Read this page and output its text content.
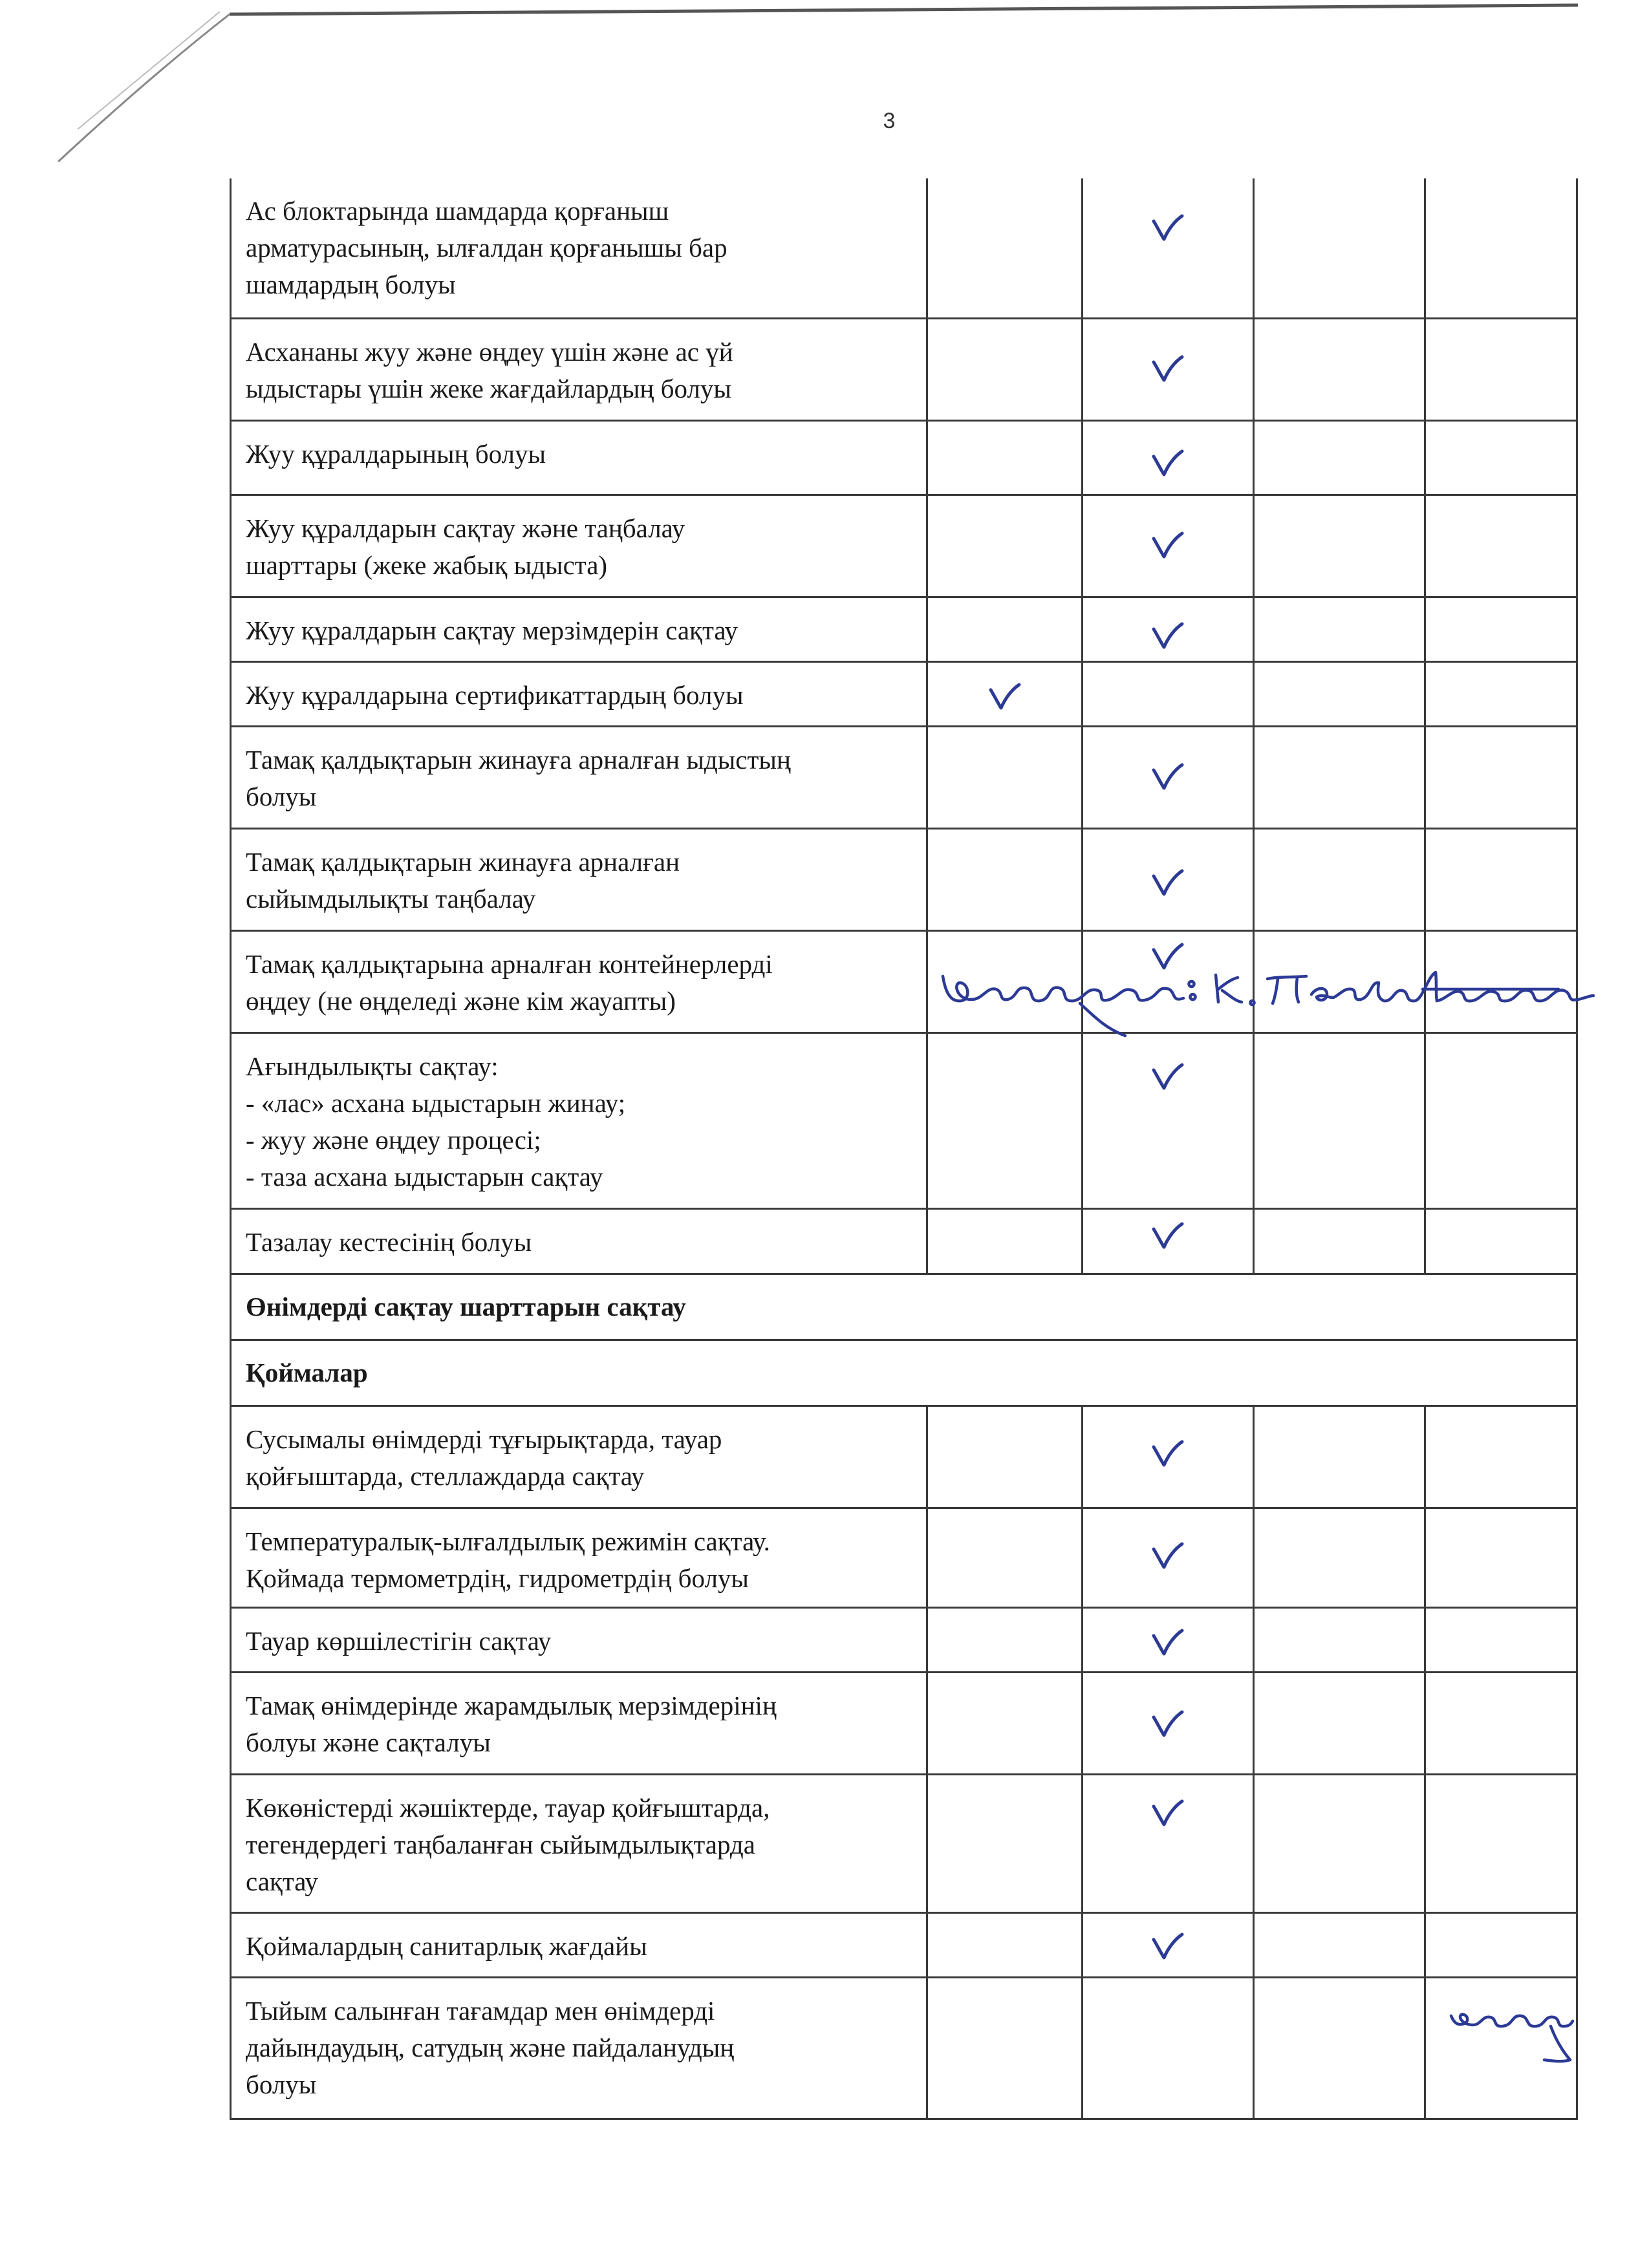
3
Ас блоктарында шамдарда қорғаныш
арматурасының, ылғалдан қорғанышы бар
шамдардың болуы		

Асхананы жуу және өңдеу үшін және ас үй
ыдыстары үшін жеке жағдайлардың болуы		

Жуу құралдарының болуы		

Жуу құралдарын сақтау және таңбалау
шарттары (жеке жабық ыдыста)		

Жуу құралдарын сақтау мерзімдерін сақтау		

Жуу құралдарына сертификаттардың болуы	

Тамақ қалдықтарын жинауға арналған ыдыстың
болуы		

Тамақ қалдықтарын жинауға арналған
сыйымдылықты таңбалау		

Тамақ қалдықтарына арналған контейнерлерді
өңдеу (не өңделеді және кім жауапты)		

Ағындылықты сақтау:
- «лас» асхана ыдыстарын жинау;
- жуу және өңдеу процесі;
- таза асхана ыдыстарын сақтау		

Тазалау кестесінің болуы		

Өнімдерді сақтау шарттарын сақтау				
Қоймалар				
Сусымалы өнімдерді тұғырықтарда, тауар
қойғыштарда, стеллаждарда сақтау		

Температуралық-ылғалдылық режимін сақтау.
Қоймада термометрдің, гидрометрдің болуы		

Тауар көршілестігін сақтау		

Тамақ өнімдерінде жарамдылық мерзімдерінің
болуы және сақталуы		

Көкөністерді жәшіктерде, тауар қойғыштарда,
тегендердегі таңбаланған сыйымдылықтарда
сақтау		

Қоймалардың санитарлық жағдайы		

Тыйым салынған тағамдар мен өнімдерді
дайындаудың, сатудың және пайдаланудың
болуы				
